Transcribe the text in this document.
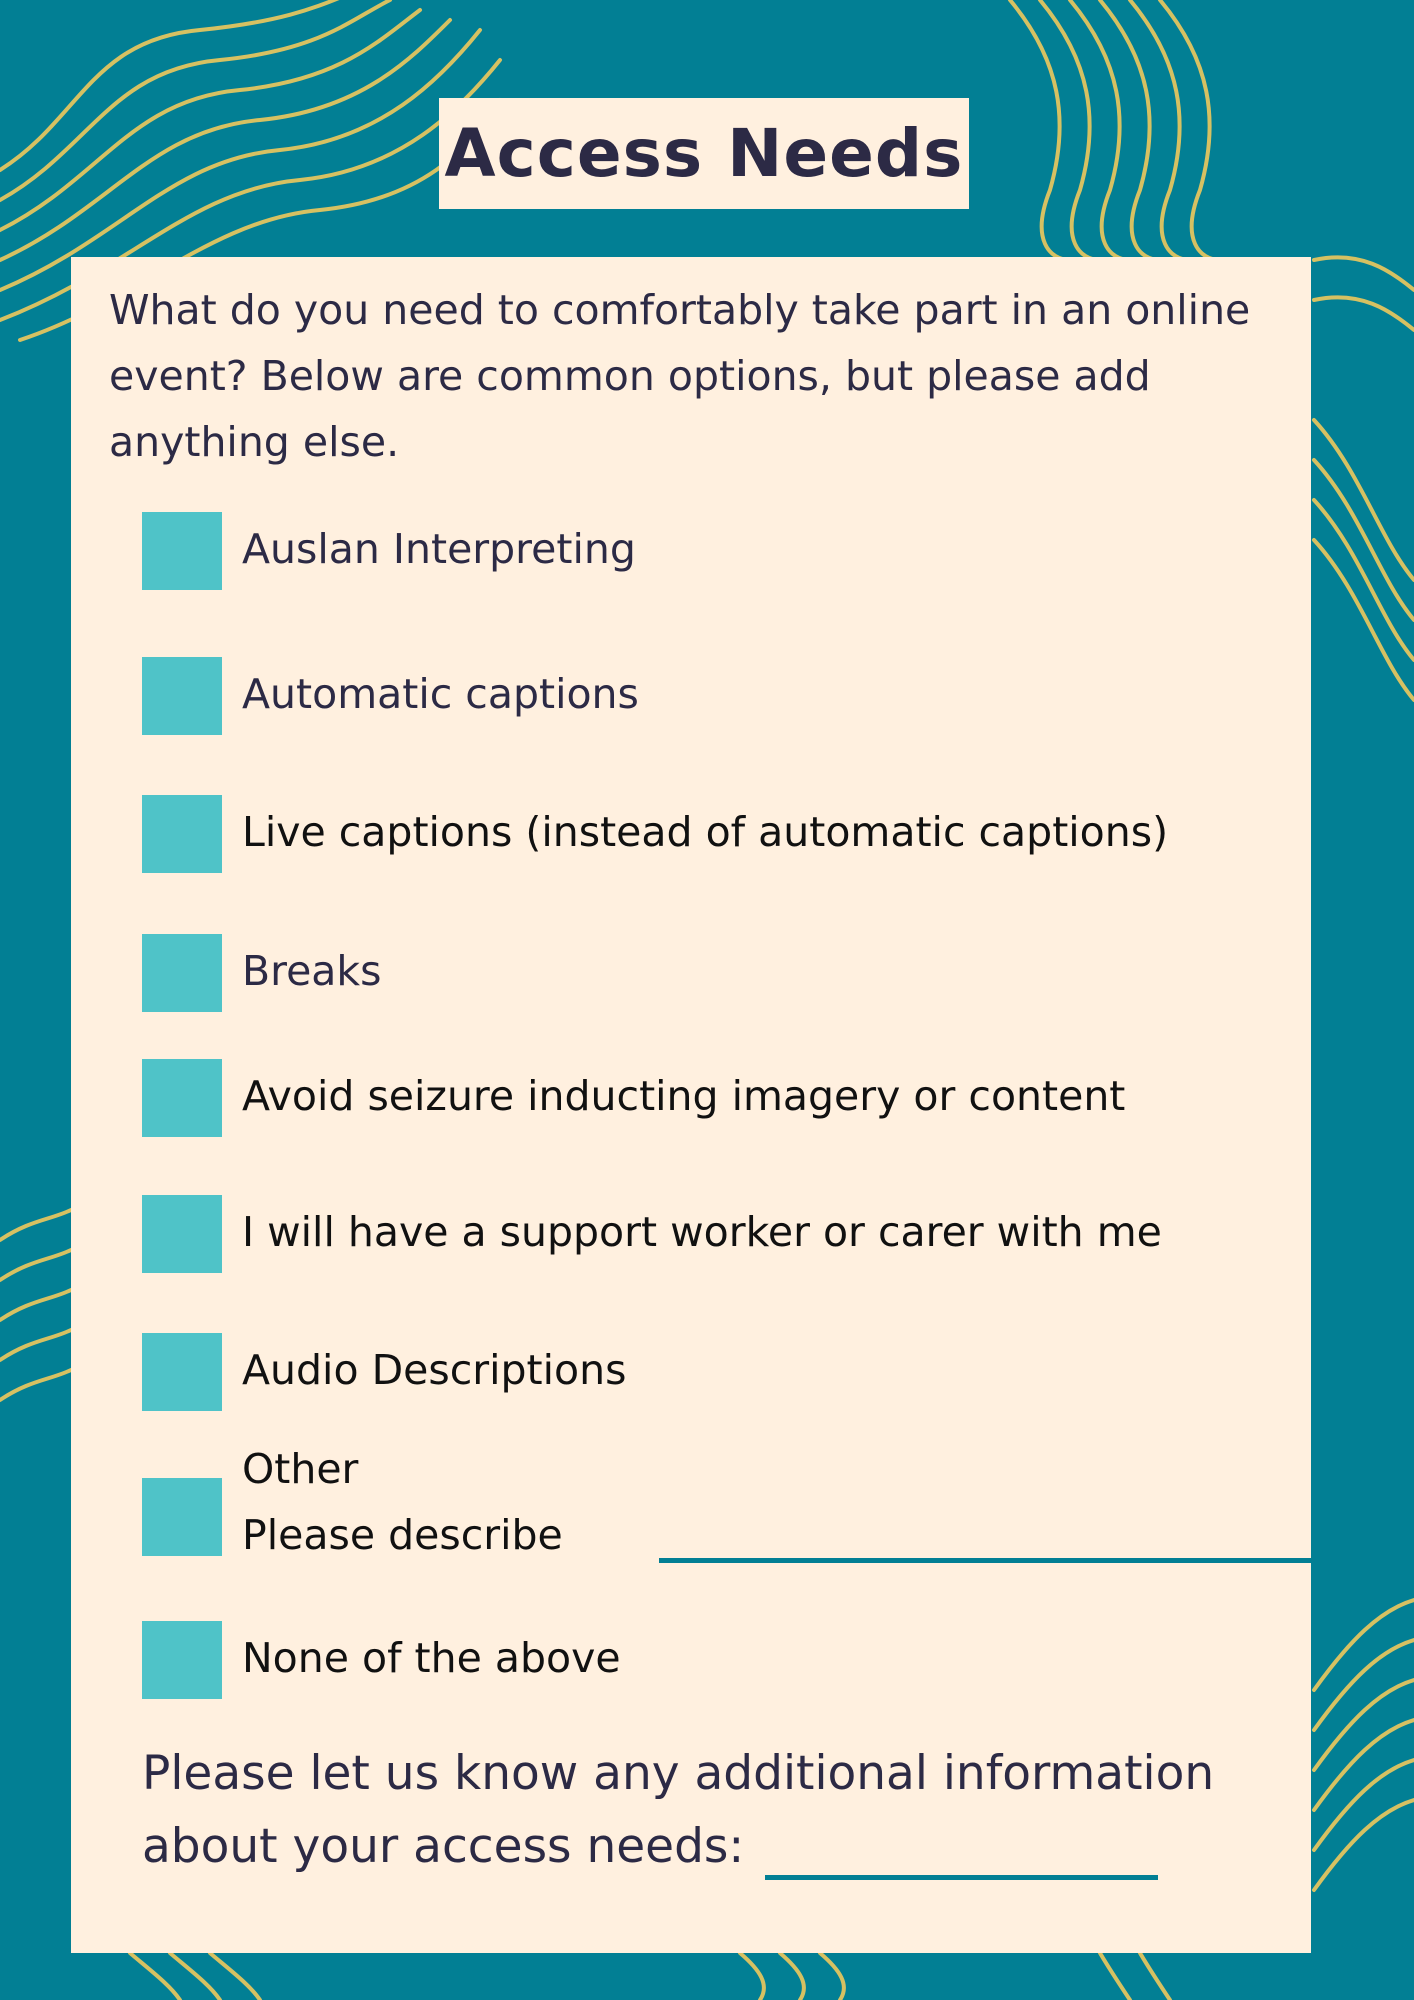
Access Needs

What do you need to comfortably take part in an online event? Below are common options, but please add anything else.

Auslan Interpreting
Automatic captions
Live captions (instead of automatic captions)
Breaks
Avoid seizure inducting imagery or content
I will have a support worker or carer with me
Audio Descriptions
Other
Please describe
None of the above

Please let us know any additional information about your access needs:
